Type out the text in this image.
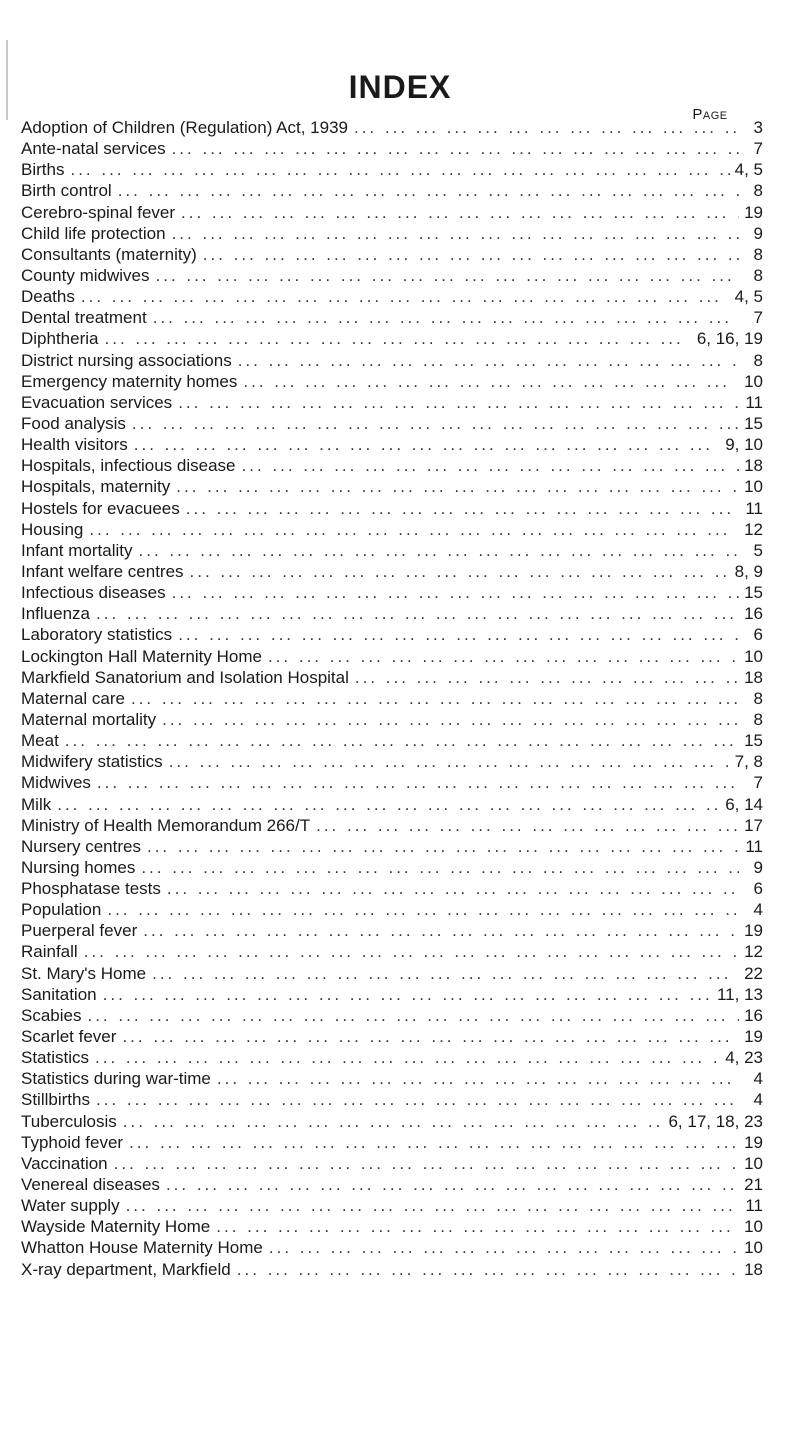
INDEX
Page
Adoption of Children (Regulation) Act, 1939 ... .	3
Ante-natal services ... .	7
Births ... .	4, 5
Birth control ... .	8
Cerebro-spinal fever ... .	19
Child life protection ... .	9
Consultants (maternity) ... .	8
County midwives ... .	8
Deaths ... .	4, 5
Dental treatment ... .	7
Diphtheria ... .	6, 16, 19
District nursing associations ... .	8
Emergency maternity homes ... .	10
Evacuation services ... .	11
Food analysis ... .	15
Health visitors ... .	9, 10
Hospitals, infectious disease ... .	18
Hospitals, maternity ... .	10
Hostels for evacuees ... .	11
Housing ... .	12
Infant mortality ... .	5
Infant welfare centres ... .	8, 9
Infectious diseases ... .	15
Influenza ... .	16
Laboratory statistics ... .	6
Lockington Hall Maternity Home ... .	10
Markfield Sanatorium and Isolation Hospital ... .	18
Maternal care ... .	8
Maternal mortality ... .	8
Meat ... .	15
Midwifery statistics ... .	7, 8
Midwives ... .	7
Milk ... .	6, 14
Ministry of Health Memorandum 266/T ... .	17
Nursery centres ... .	11
Nursing homes ... .	9
Phosphatase tests ... .	6
Population ... .	4
Puerperal fever ... .	19
Rainfall ... .	12
St. Mary's Home ... .	22
Sanitation ... .	11, 13
Scabies ... .	16
Scarlet fever ... .	19
Statistics ... .	4, 23
Statistics during war-time ... .	4
Stillbirths ... .	4
Tuberculosis ... .	6, 17, 18, 23
Typhoid fever ... .	19
Vaccination ... .	10
Venereal diseases ... .	21
Water supply ... .	11
Wayside Maternity Home ... .	10
Whatton House Maternity Home ... .	10
X-ray department, Markfield ... .	18
